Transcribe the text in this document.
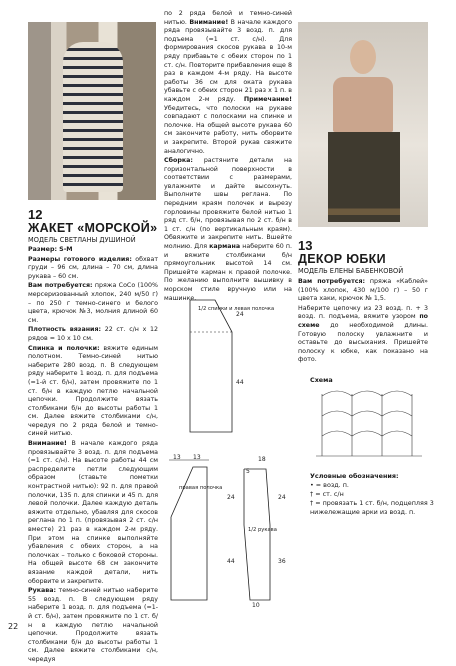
12
ЖАКЕТ «МОРСКОЙ»
МОДЕЛЬ СВЕТЛАНЫ ДУШИНОЙ

Размер: S-M

Размеры готового изделия: обхват груди – 96 см, длина – 70 см, длина рукава – 60 см.

Вам потребуется: пряжа CoCo (100% мерсеризованный хлопок, 240 м/50 г) – по 250 г темно-синего и белого цвета, крючок №3, молния длиной 60 см.

Плотность вязания: 22 ст. с/н х 12 рядов = 10 х 10 см.

Спинка и полочки: вяжите единым полотном. Темно-синей нитью наберите 280 возд. п. В следующем ряду наберите 1 возд. п. для подъема (=1-й ст. б/н), затем провяжите по 1 ст. б/н в каждую петлю начальной цепочки. Продолжите вязать столбиками б/н до высоты работы 1 см. Далее вяжите столбиками с/н, чередуя по 2 ряда белой и темно-синей нитью.

Внимание! В начале каждого ряда провязывайте 3 возд. п. для подъема (=1 ст. с/н). На высоте работы 44 см распределите петли следующим образом (ставьте пометки контрастной нитью): 92 п. для правой полочки, 135 п. для спинки и 45 п. для левой полочки. Далее каждую деталь вяжите отдельно, убавляя для скосов реглана по 1 п. (провязывая 2 ст. с/н вместе) 21 раз в каждом 2-м ряду. При этом на спинке выполняйте убавления с обеих сторон, а на полочках – только с боковой стороны. На общей высоте 68 см закончите вязание каждой детали, нить оборвите и закрепите.

Рукава: темно-синей нитью наберите 55 возд. п. В следующем ряду наберите 1 возд. п. для подъема (=1-й ст. б/н), затем провяжите по 1 ст. б/н в каждую петлю начальной цепочки. Продолжите вязать столбиками б/н до высоты работы 1 см. Далее вяжите столбиками с/н, чередуя

по 2 ряда белой и темно-синей нитью. Внимание! В начале каждого ряда провязывайте 3 возд. п. для подъема (=1 ст. с/н). Для формирования скосов рукава в 10-м ряду прибавьте с обеих сторон по 1 ст. с/н. Повторите прибавления еще 8 раз в каждом 4-м ряду. На высоте работы 36 см для оката рукава убавьте с обеих сторон 21 раз х 1 п. в каждом 2-м ряду. Примечание! Убедитесь, что полоски на рукаве совпадают с полосками на спинке и полочке. На общей высоте рукава 60 см закончите работу, нить оборвите и закрепите. Второй рукав свяжите аналогично.

Сборка: растяните детали на горизонтальной поверхности в соответствии с размерами, увлажните и дайте высохнуть. Выполните швы реглана. По передним краям полочек и вырезу горловины провяжите белой нитью 1 ряд ст. б/н, провязывая по 2 ст. б/н в 1 ст. с/н (по вертикальным краям). Обвяжите и закрепите нить. Вшейте молнию. Для кармана наберите 60 п. и вяжите столбиками б/н прямоугольник высотой 14 см. Пришейте карман к правой полочке. По желанию выполните вышивку в морском стиле вручную или на машинке.

1/2 спинки и левая полочка
24
44
13 13
правая полочка
24
44
18
5
1/2 рукава
24
36
10
13
ДЕКОР ЮБКИ
МОДЕЛЬ ЕЛЕНЫ БАБЕНКОВОЙ

Вам потребуется: пряжа «Каблей» (100% хлопок, 430 м/100 г) – 50 г цвета хаки, крючок № 1,5.

Наберите цепочку из 23 возд. п. + 3 возд. п. подъема, вяжите узором по схеме до необходимой длины. Готовую полоску увлажните и оставьте до высыхания. Пришейте полоску к юбке, как показано на фото.

Схема
Условные обозначения:
• = возд. п.
† = ст. с/н
† = провязать 1 ст. б/н, подцепляя 3 нижележащие арки из возд. п.
22
